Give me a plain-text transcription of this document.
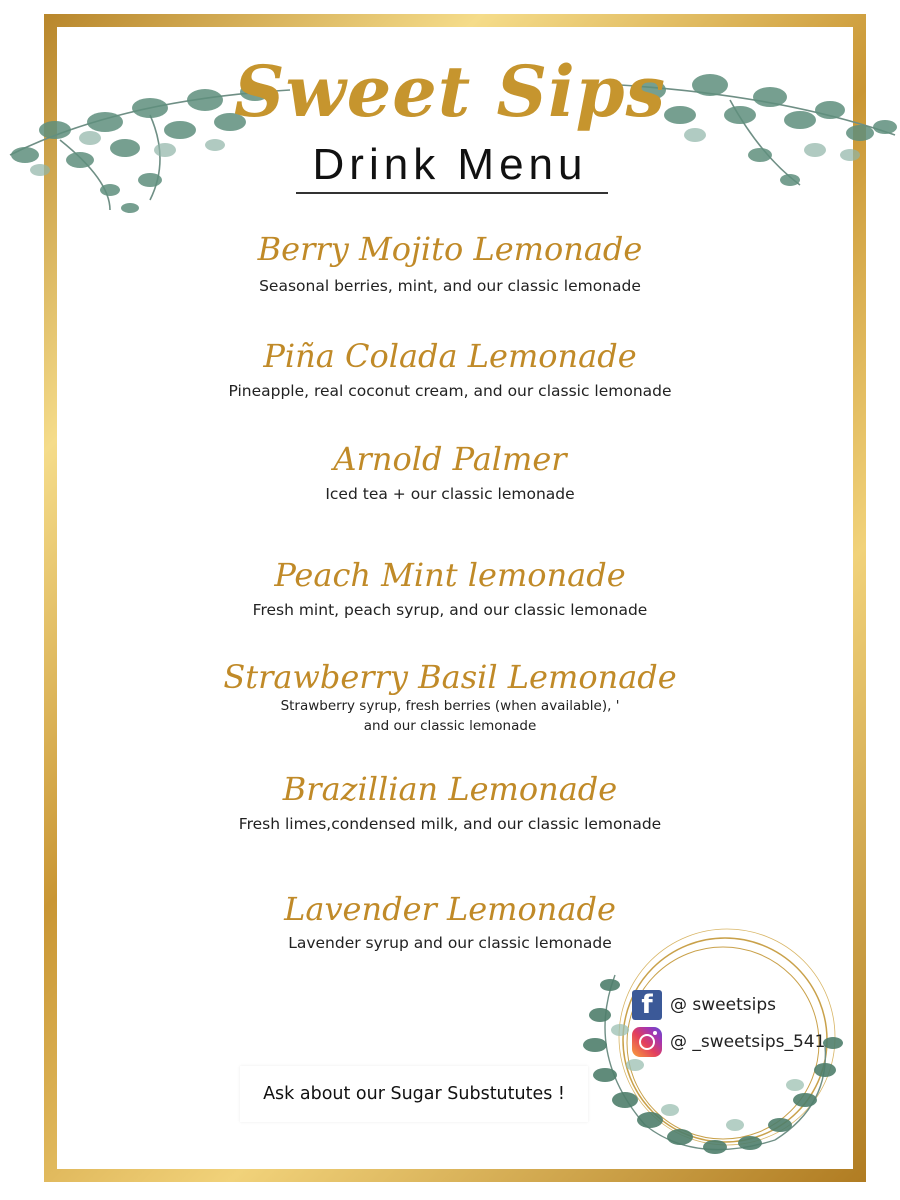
Sweet Sips
Drink Menu
Berry Mojito Lemonade
Seasonal berries, mint, and our classic lemonade
Piña Colada Lemonade
Pineapple, real coconut cream, and our classic lemonade
Arnold Palmer
Iced tea + our classic lemonade
Peach Mint lemonade
Fresh mint, peach syrup, and our classic lemonade
Strawberry Basil Lemonade
Strawberry syrup, fresh berries (when available), '
and our classic lemonade
Brazillian Lemonade
Fresh limes,condensed milk, and our classic lemonade
Lavender Lemonade
Lavender syrup and our classic lemonade
f	@ sweetsips
@ _sweetsips_541
Ask about our Sugar Substututes !
